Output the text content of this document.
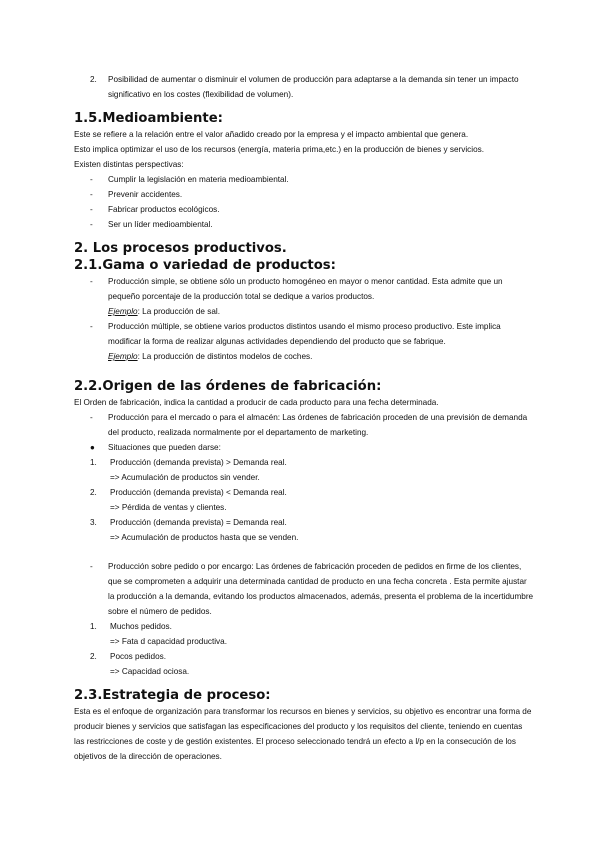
2. Posibilidad de aumentar o disminuir el volumen de producción para adaptarse a la demanda sin tener un impacto significativo en los costes (flexibilidad de volumen).
1.5.Medioambiente:

Este se refiere a la relación entre el valor añadido creado por la empresa y el impacto ambiental que genera.

Esto implica optimizar el uso de los recursos (energía, materia prima,etc.) en la producción de bienes y servicios.

Existen distintas perspectivas:

- Cumplir la legislación en materia medioambiental.
- Prevenir accidentes.
- Fabricar productos ecológicos.
- Ser un líder medioambiental.
2. Los procesos productivos.
2.1.Gama o variedad de productos:
- Producción simple, se obtiene sólo un producto homogéneo en mayor o menor cantidad. Esta admite que un pequeño porcentaje de la producción total se dedique a varios productos.
Ejemplo: La producción de sal.
- Producción múltiple, se obtiene varios productos distintos usando el mismo proceso productivo. Este implica modificar la forma de realizar algunas actividades dependiendo del producto que se fabrique.
Ejemplo: La producción de distintos modelos de coches.
2.2.Origen de las órdenes de fabricación:

El Orden de fabricación, indica la cantidad a producir de cada producto para una fecha determinada.

- Producción para el mercado o para el almacén: Las órdenes de fabricación proceden de una previsión de demanda del producto, realizada normalmente por el departamento de marketing.
● Situaciones que pueden darse:
1. Producción (demanda prevista) > Demanda real.
=> Acumulación de productos sin vender.
2. Producción (demanda prevista) < Demanda real.
=> Pérdida de ventas y clientes.
3. Producción (demanda prevista) = Demanda real.
=> Acumulación de productos hasta que se venden.
- Producción sobre pedido o por encargo: Las órdenes de fabricación proceden de pedidos en firme de los clientes, que se comprometen a adquirir una determinada cantidad de producto en una fecha concreta . Esta permite ajustar la producción a la demanda, evitando los productos almacenados, además, presenta el problema de la incertidumbre sobre el número de pedidos.
1. Muchos pedidos.
=> Fata d capacidad productiva.
2. Pocos pedidos.
=> Capacidad ociosa.
2.3.Estrategia de proceso:

Esta es el enfoque de organización para transformar los recursos en bienes y servicios, su objetivo es encontrar una forma de producir bienes y servicios que satisfagan las especificaciones del producto y los requisitos del cliente, teniendo en cuentas las restricciones de coste y de gestión existentes. El proceso seleccionado tendrá un efecto a l/p en la consecución de los objetivos de la dirección de operaciones.
